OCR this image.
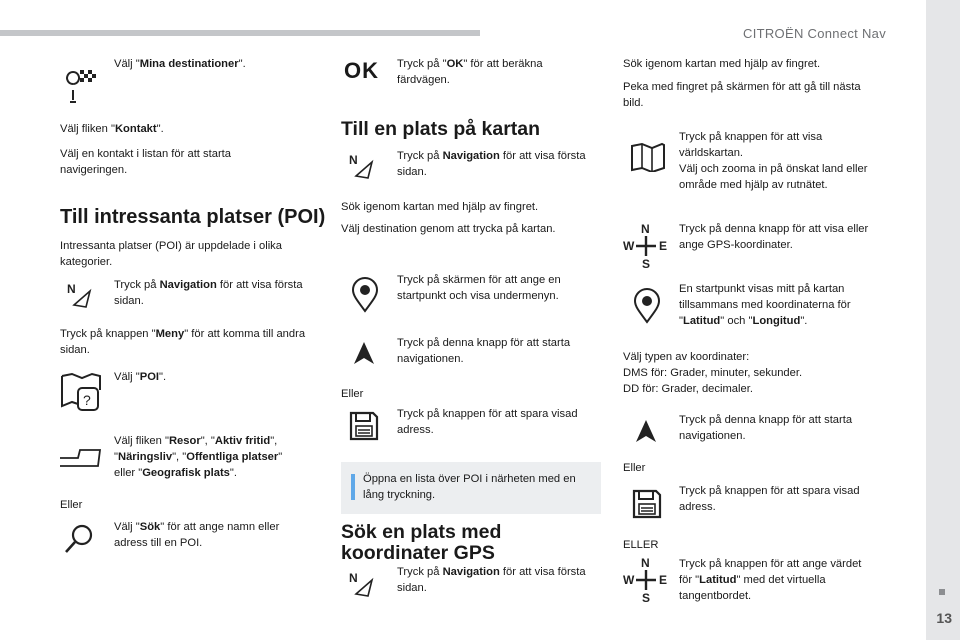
CITROËN Connect Nav
13

Välj "Mina destinationer".

Välj fliken "Kontakt".

Välj en kontakt i listan för att starta navigeringen.

Till intressanta platser (POI)

Intressanta platser (POI) är uppdelade i olika kategorier.

N	Tryck på Navigation för att visa första sidan.

Tryck på knappen "Meny" för att komma till andra sidan.

?

Välj "POI".

Välj fliken "Resor", "Aktiv fritid",
"Näringsliv", "Offentliga platser"
eller "Geografisk plats".

Eller

Välj "Sök" för att ange namn eller adress till en POI.

OK Tryck på "OK" för att beräkna färdvägen.

Till en plats på kartan
N	Tryck på Navigation för att visa första sidan.

Sök igenom kartan med hjälp av fingret.

Välj destination genom att trycka på kartan.

Tryck på skärmen för att ange en startpunkt och visa undermenyn.

Tryck på denna knapp för att starta navigationen.

Eller

Tryck på knappen för att spara visad adress.

Öppna en lista över POI i närheten med en lång tryckning.
Sök en plats med koordinater GPS
N	Tryck på Navigation för att visa första sidan.

Sök igenom kartan med hjälp av fingret.

Peka med fingret på skärmen för att gå till nästa bild.

Tryck på knappen för att visa världskartan.
Välj och zooma in på önskat land eller område med hjälp av rutnätet.

N
S
W E

Tryck på denna knapp för att visa eller ange GPS-koordinater.

En startpunkt visas mitt på kartan tillsammans med koordinaterna för "Latitud" och "Longitud".

Välj typen av koordinater:
DMS för: Grader, minuter, sekunder.
DD för: Grader, decimaler.

Tryck på denna knapp för att starta navigationen.

Eller

Tryck på knappen för att spara visad adress.

ELLER

N
S
W E

Tryck på knappen för att ange värdet för "Latitud" med det virtuella tangentbordet.
